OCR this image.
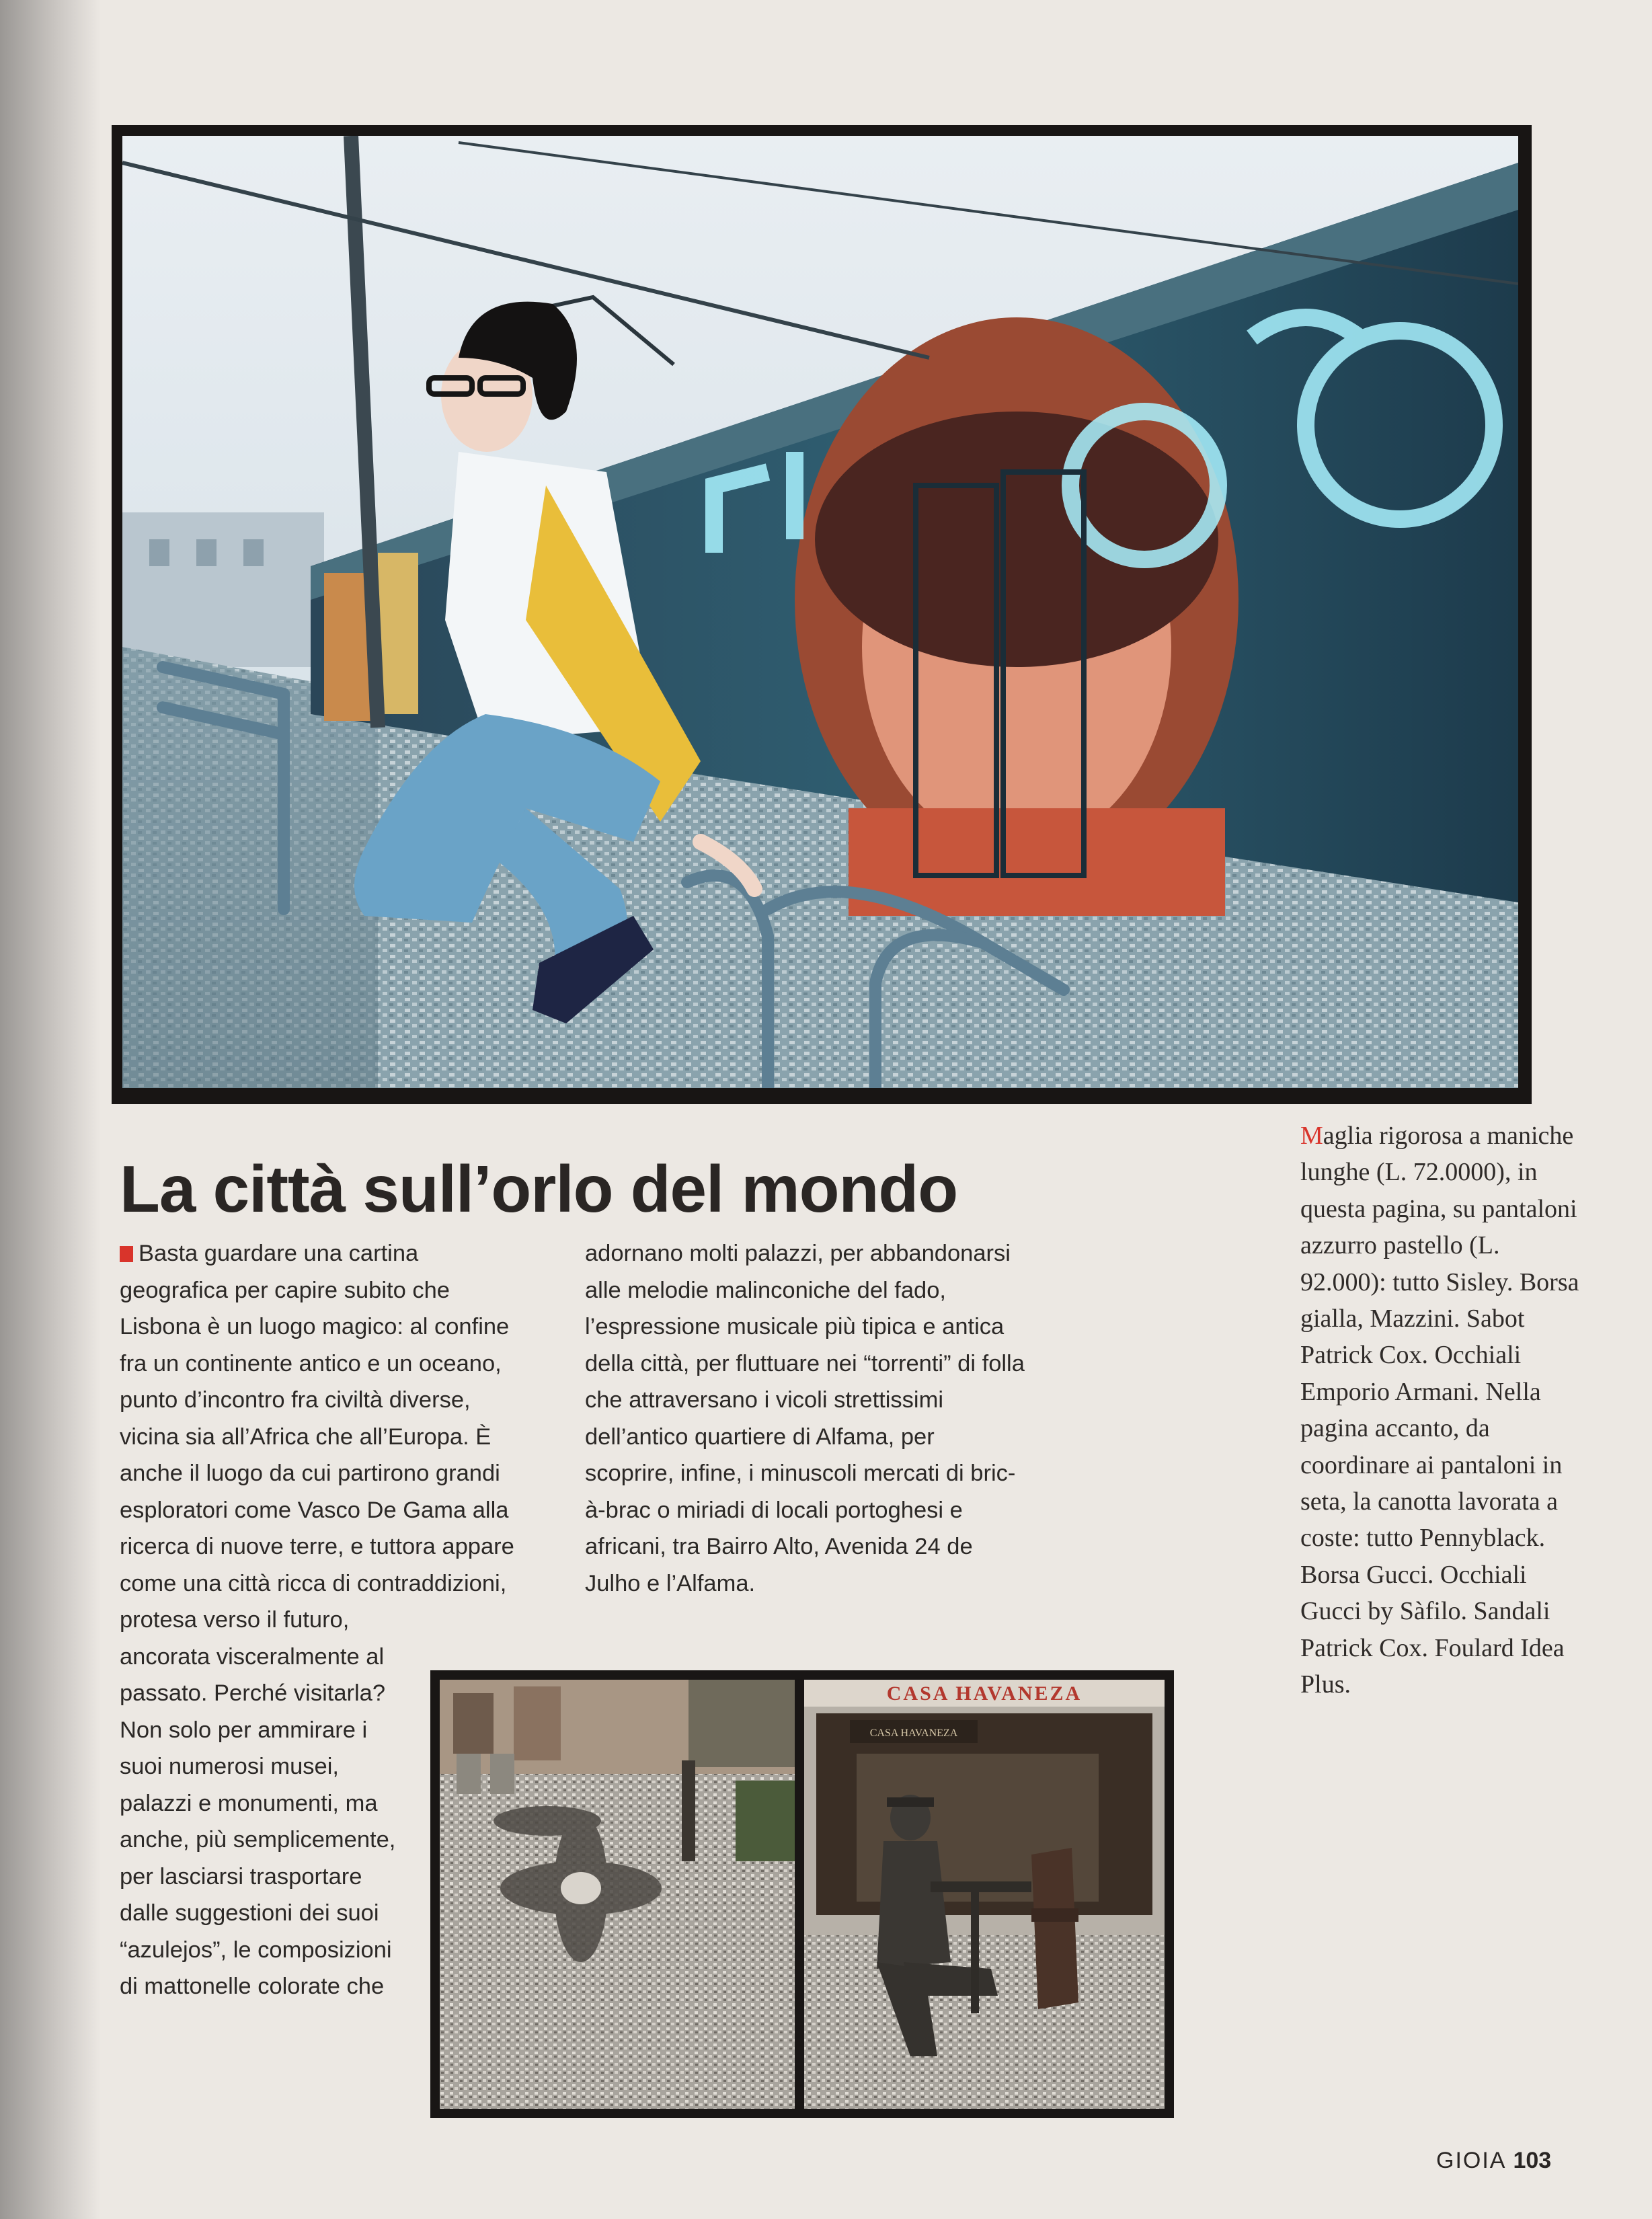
La città sull’orlo del mondo
Basta guardare una cartina geografica per capire subito che Lisbona è un luogo magico: al confine fra un continente antico e un oceano, punto d’incontro fra civiltà diverse, vicina sia all’Africa che all’Europa. È anche il luogo da cui partirono grandi esploratori come Vasco De Gama alla ricerca di nuove terre, e tuttora appare come una città ricca di contraddizioni, protesa verso il futuro,
ancorata visceralmente al passato. Perché visitarla? Non solo per ammirare i suoi numerosi musei, palazzi e monumenti, ma anche, più semplicemente, per lasciarsi trasportare dalle suggestioni dei suoi “azulejos”, le composizioni di mattonelle colorate che
adornano molti palazzi, per abbandonarsi alle melodie malinconiche del fado, l’espressione musicale più tipica e antica della città, per fluttuare nei “torrenti” di folla che attraversano i vicoli strettissimi dell’antico quartiere di Alfama, per scoprire, infine, i minuscoli mercati di bric-à-brac o miriadi di locali portoghesi e africani, tra Bairro Alto, Avenida 24 de Julho e l’Alfama.
CASA HAVANEZA
CASA HAVANEZA

Maglia rigorosa a maniche lunghe (L. 72.0000), in questa pagina, su pantaloni azzurro pastello (L. 92.000): tutto Sisley. Borsa gialla, Mazzini. Sabot Patrick Cox. Occhiali Emporio Armani. Nella pagina accanto, da coordinare ai pantaloni in seta, la canotta lavorata a coste: tutto Pennyblack. Borsa Gucci. Occhiali Gucci by Sàfilo. Sandali Patrick Cox. Foulard Idea Plus.

GIOIA 103
